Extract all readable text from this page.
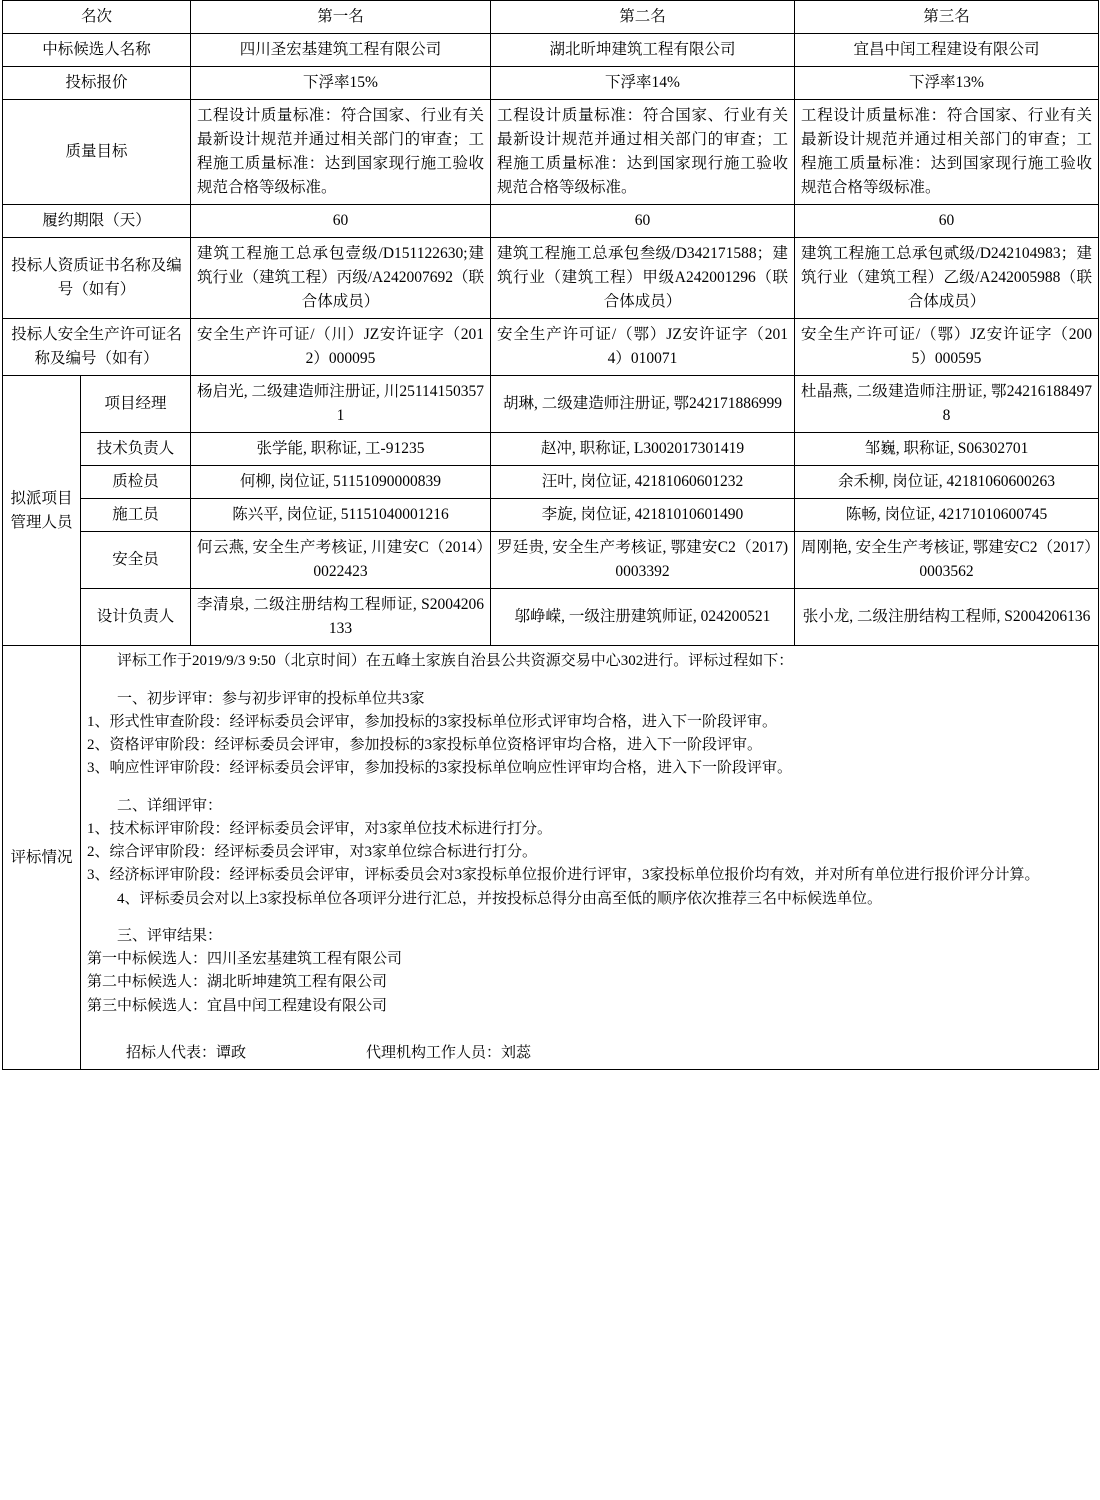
名次		第一名	第二名	第三名
中标候选人名称		四川圣宏基建筑工程有限公司	湖北昕坤建筑工程有限公司	宜昌中闰工程建设有限公司
投标报价		下浮率15%	下浮率14%	下浮率13%
质量目标		工程设计质量标准：符合国家、行业有关最新设计规范并通过相关部门的审查；工程施工质量标准：达到国家现行施工验收规范合格等级标准。	工程设计质量标准：符合国家、行业有关最新设计规范并通过相关部门的审查；工程施工质量标准：达到国家现行施工验收规范合格等级标准。	工程设计质量标准：符合国家、行业有关最新设计规范并通过相关部门的审查；工程施工质量标准：达到国家现行施工验收规范合格等级标准。
履约期限（天）		60	60	60
投标人资质证书名称及编号（如有）		建筑工程施工总承包壹级/D151122630;建筑行业（建筑工程）丙级/A242007692（联合体成员）	建筑工程施工总承包叁级/D342171588；建筑行业（建筑工程）甲级A242001296（联合体成员）	建筑工程施工总承包贰级/D242104983；建筑行业（建筑工程）乙级/A242005988（联合体成员）
投标人安全生产许可证名称及编号（如有）		安全生产许可证/（川）JZ安许证字（2012）000095	安全生产许可证/（鄂）JZ安许证字（2014）010071	安全生产许可证/（鄂）JZ安许证字（2005）000595
拟派项目管理人员	项目经理	杨启光, 二级建造师注册证, 川251141503571	胡琳, 二级建造师注册证, 鄂242171886999	杜晶燕, 二级建造师注册证, 鄂242161884978
	技术负责人	张学能, 职称证, 工-91235	赵冲, 职称证, L3002017301419	邹巍, 职称证, S06302701
	质检员	何柳, 岗位证, 51151090000839	汪叶, 岗位证, 42181060601232	余禾柳, 岗位证, 42181060600263
	施工员	陈兴平, 岗位证, 51151040001216	李旋, 岗位证, 42181010601490	陈畅, 岗位证, 42171010600745
	安全员	何云燕, 安全生产考核证, 川建安C（2014）0022423	罗廷贵, 安全生产考核证, 鄂建安C2（2017)0003392	周刚艳, 安全生产考核证, 鄂建安C2（2017）0003562
	设计负责人	李清泉, 二级注册结构工程师证, S2004206133	邬峥嵘, 一级注册建筑师证, 024200521	张小龙, 二级注册结构工程师, S2004206136
评标情况	

评标工作于2019/9/3 9:50（北京时间）在五峰土家族自治县公共资源交易中心302进行。评标过程如下：

一、初步评审：参与初步评审的投标单位共3家

1、形式性审查阶段：经评标委员会评审，参加投标的3家投标单位形式评审均合格，进入下一阶段评审。

2、资格评审阶段：经评标委员会评审，参加投标的3家投标单位资格评审均合格，进入下一阶段评审。

3、响应性评审阶段：经评标委员会评审，参加投标的3家投标单位响应性评审均合格，进入下一阶段评审。

二、详细评审：

1、技术标评审阶段：经评标委员会评审，对3家单位技术标进行打分。

2、综合评审阶段：经评标委员会评审，对3家单位综合标进行打分。

3、经济标评审阶段：经评标委员会评审，评标委员会对3家投标单位报价进行评审，3家投标单位报价均有效，并对所有单位进行报价评分计算。

4、评标委员会对以上3家投标单位各项评分进行汇总，并按投标总得分由高至低的顺序依次推荐三名中标候选单位。

三、评审结果：

第一中标候选人：四川圣宏基建筑工程有限公司

第二中标候选人：湖北昕坤建筑工程有限公司

第三中标候选人：宜昌中闰工程建设有限公司

招标人代表：谭政	代理机构工作人员：刘蕊
